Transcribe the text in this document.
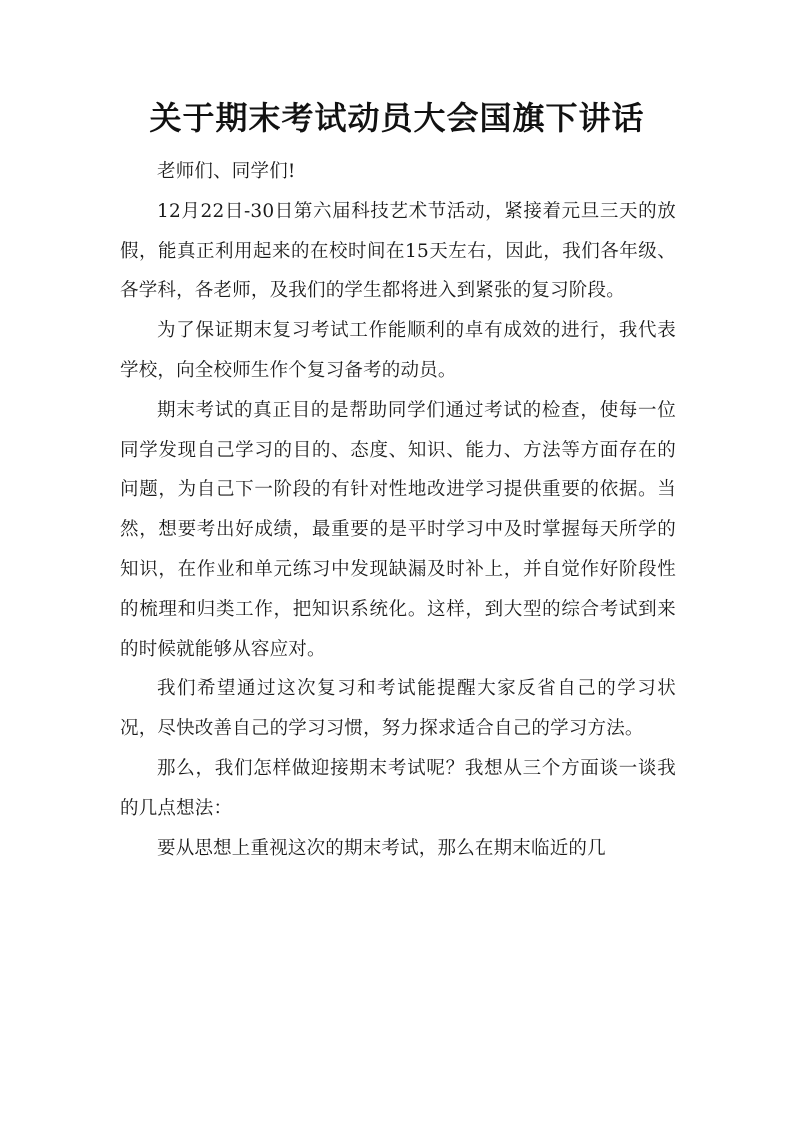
关于期末考试动员大会国旗下讲话

老师们、同学们!

12月22日-30日第六届科技艺术节活动，紧接着元旦三天的放假，能真正利用起来的在校时间在15天左右，因此，我们各年级、各学科，各老师，及我们的学生都将进入到紧张的复习阶段。

为了保证期末复习考试工作能顺利的卓有成效的进行，我代表学校，向全校师生作个复习备考的动员。

期末考试的真正目的是帮助同学们通过考试的检查，使每一位同学发现自己学习的目的、态度、知识、能力、方法等方面存在的问题，为自己下一阶段的有针对性地改进学习提供重要的依据。当然，想要考出好成绩，最重要的是平时学习中及时掌握每天所学的知识，在作业和单元练习中发现缺漏及时补上，并自觉作好阶段性的梳理和归类工作，把知识系统化。这样，到大型的综合考试到来的时候就能够从容应对。

我们希望通过这次复习和考试能提醒大家反省自己的学习状况，尽快改善自己的学习习惯，努力探求适合自己的学习方法。

那么，我们怎样做迎接期末考试呢？我想从三个方面谈一谈我的几点想法：

要从思想上重视这次的期末考试，那么在期末临近的几
